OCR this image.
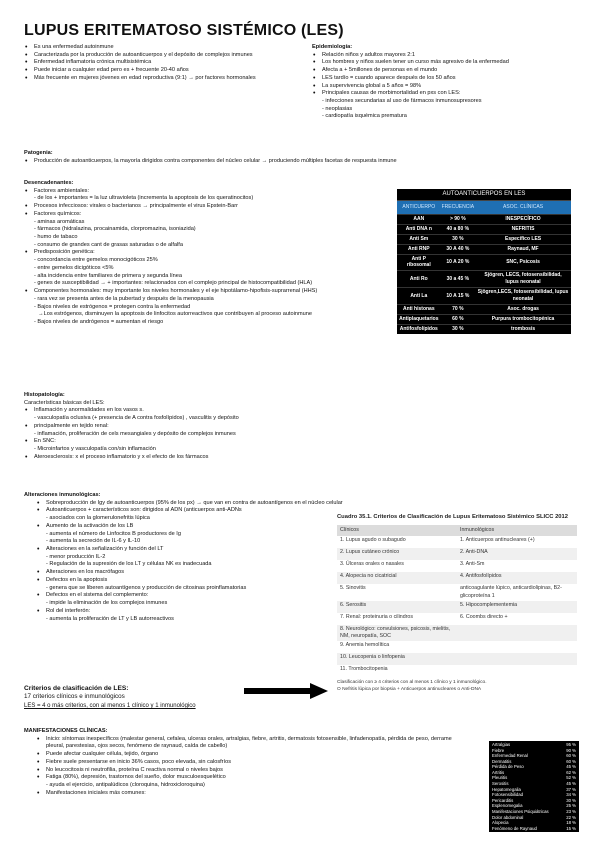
LUPUS ERITEMATOSO SISTÉMICO (LES)
• Es una enfermedad autoinmune
• Caracterizada por la producción de autoanticuerpos y el depósito de complejos inmunes
• Enfermedad inflamatoria crónica multisistémica
• Puede iniciar a cualquier edad pero es + frecuente 20-40 años
• Más frecuente en mujeres jóvenes en edad reproductiva (9:1) → por factores hormonales
Epidemiología:
• Relación niños y adultos mayores 2:1
• Los hombres y niños suelen tener un curso más agresivo de la enfermedad
• Afecta a + 5millones de personas en el mundo
• LES tardío = cuando aparece después de los 50 años
• La supervivencia global a 5 años = 98%
• Principales causas de morbimortalidad en pxs con LES:
- infecciones secundarias al uso de fármacos inmunosupresores
- neoplasias
- cardiopatía isquémica prematura
Patogenia:
• Producción de autoanticuerpos, la mayoría dirigidos contra componentes del núcleo celular → produciendo múltiples facetas de respuesta inmune
Desencadenantes:
• Factores ambientales:
- de los + importantes = la luz ultravioleta (incrementa la apoptosis de los queratinocitos)
• Procesos infecciosos: virales o bacterianos → principalmente el virus Epstein-Barr
• Factores químicos:
- aminas aromáticas
- fármacos (hidralazina, procainamida, clorpromazina, isoniazida)
- humo de tabaco
- consumo de grandes cant de grasas saturadas o de alfalfa
• Predisposición genética:
- concordancia entre gemelos monocigóticos 25%
- entre gemelos dicigóticos <5%
- alta incidencia entre familiares de primera y segunda línea
- genes de susceptibilidad → + importantes: relacionados con el complejo principal de histocompatibilidad (HLA)
• Componentes hormonales: muy importante los niveles hormonales y el eje hipotálamo-hipofisis-suprarrenal (HHS)
- rara vez se presenta antes de la pubertad y después de la menopausia
- Bajos niveles de estrógenos = protegen contra la enfermedad
→ Los estrógenos, disminuyen la apoptosis de linfocitos autorreactivos que contribuyen al proceso autoinmune
- Bajos niveles de andrógenos = aumentan el riesgo
AUTOANTICUERPOS EN LES
ANTICUERPO	FRECUENCIA	ASOC. CLÍNICAS
AAN	> 90 %	INESPECÍFICO
Anti DNA n	40 a 80 %	NEFRITIS
Anti Sm	30 %	Específico LES
Anti RNP	30 A 40 %	Raynaud, MF
Anti P ribosomal	10 A 20 %	SNC, Psicosis
Anti Ro	30 a 45 %	Sjögren, LECS, fotosensibilidad, lupus neonatal
Anti La	10 A 15 %	Sjögren,LECS, fotosensibilidad, lupus neonatal
Anti histonas	70 %	Asoc. drogas
Antiplaquetarios	60 %	Purpura trombocitopénica
Antifosfolípidos	30 %	trombosis
Histopatología:
Características básicas del LES:
• Inflamación y anormalidades en los vasos s.
- vasculopatía oclusiva (+ presencia de A contra fosfolípidos) , vasculitis y depósito
• principalmente en tejido renal:
- inflamación, proliferación de cels mesangiales y depósito de complejos inmunes
• En SNC:
- Microinfartos y vasculopatía con/sin inflamación
• Ateroesclerosis: x el proceso inflamatorio y x el efecto de los fármacos
Alteraciones inmunológicas:
• Sobreproducción de Igy de autoanticuerpos (95% de los px) → que van en contra de autoantígenos en el núcleo celular
• Autoanticuerpos + característicos son: dirigidos al ADN (anticuerpos anti-ADNs
- asociados con la glomerulonefritis lúpica
• Aumento de la activación de los LB
- aumenta el número de Linfocitos B productores de Ig
- aumenta la secreción de IL-6 y IL-10
• Alteraciones en la señalización y función del LT
- menor producción IL-2
- Regulación de la supresión de los LT y células NK es inadecuada
• Alteraciones en los macrófagos
• Defectos en la apoptosis
- genera que se liberen autoantígenos y producción de citosinas proinflamatorias
• Defectos en el sistema del complemento:
- impide la eliminación de los complejos inmunes
• Rol del interferón:
- aumenta la proliferación de LT y LB autorreactivos
Criterios de clasificación de LES:
17 criterios clínicos e inmunológicos
LES = 4 o más criterios, con al menos 1 clínico y 1 inmunológico
Cuadro 35.1. Criterios de Clasificación de Lupus Eritematoso Sistémico SLICC 2012
Clínicos	Inmunológicos
1. Lupus agudo o subagudo	1. Anticuerpos antinucleares (+)
2. Lupus cutáneo crónico	2. Anti-DNA
3. Úlceras orales o nasales	3. Anti-Sm
4. Alopecia no cicatricial	4. Antifosfolípidos
5. Sinovitis	anticoagulante lúpico, anticardiolipinas, B2-glicoproteína 1
6. Serositis	5. Hipocomplementemia
7. Renal: proteinuria o cilindros	6. Coombs directo +
8. Neurológico: convulsiones, psicosis, mielitis, NM, neuropatía, SOC	
9. Anemia hemolítica	
10. Leucopenia o linfopenia	
11. Trombocitopenia	
Clasificación con ≥ 4 criterios con al menos 1 clínico y 1 inmunológico.
O Nefritis lúpica por biopsia + Anticuerpos antinucleares o Anti-DNA
MANIFESTACIONES CLÍNICAS:
• Inicio: síntomas inespecíficos (malestar general, cefalea, ulceras orales, artralgias, fiebre, artritis, dermatosis fotosensible, linfadenopatía, pérdida de peso, derrame pleural, parestesias, ojos secos, fenómeno de raynaud, caída de cabello)
• Puede afectar cualquier célula, tejido, órgano
• Fiebre suele presentarse en inicio 36% casos, poco elevada, sin calosfríos
• No leucocitosis ni neutrofilia, proteína C reactiva normal o niveles bajos
• Fatiga (80%), depresión, trastornos del sueño, dolor musculoesquelético
- ayuda el ejercicio, antipalúdicos (cloroquina, hidroxicloroquina)
• Manifestaciones iniciales más comunes:
Artralgias	95 %
Fiebre	90 %
Enfermedad Renal	60 %
Dermatitis	60 %
Pérdida de Peso	45 %
Artritis	62 %
Pleuritis	52 %
Serositis	45 %
Hepatomegalia	37 %
Fotosensibilidad	34 %
Pericarditis	30 %
Esplenomegalia	25 %
Manifestaciones Psiquiátricas	23 %
Dolor abdominal	22 %
Alopecia	18 %
Fenómeno de Raynaud	15 %
